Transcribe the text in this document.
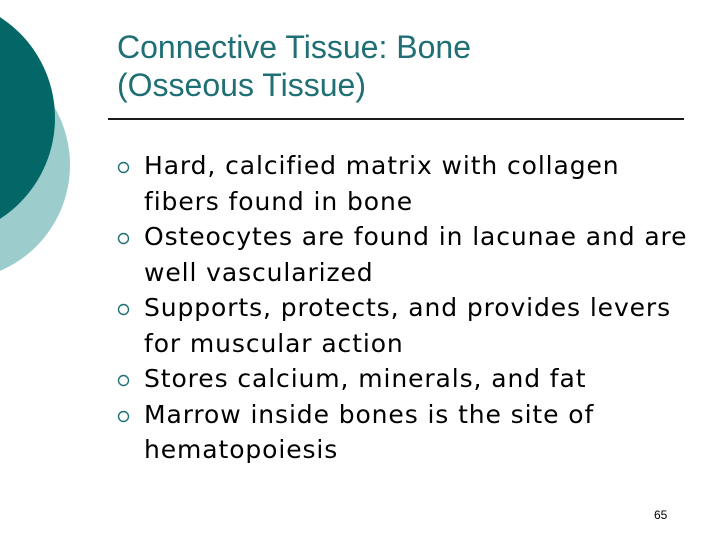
Connective Tissue: Bone
(Osseous Tissue)
Hard, calcified matrix with collagen fibers found in bone
Osteocytes are found in lacunae and are well vascularized
Supports, protects, and provides levers for muscular action
Stores calcium, minerals, and fat
Marrow inside bones is the site of hematopoiesis
65
